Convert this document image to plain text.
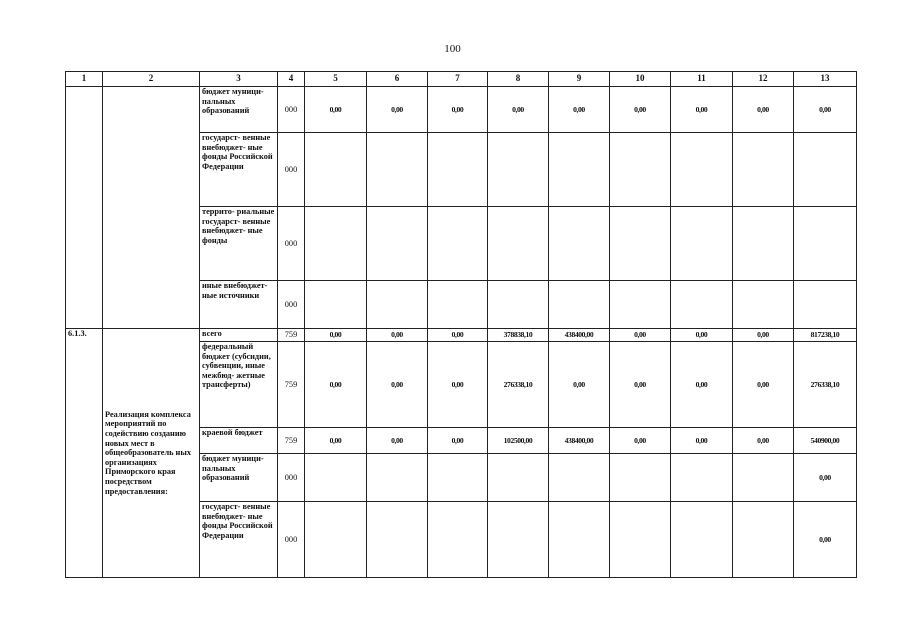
100
1	2	3	4	5	6	7	8	9	10	11	12	13
		бюджет муници- пальных образований	000	0,00	0,00	0,00	0,00	0,00	0,00	0,00	0,00	0,00
		государст- венные внебюджет- ные фонды Российской Федерации	000									
		террито- риальные государст- венные внебюджет- ные фонды	000									
		иные внебюджет- ные источники	000									
6.1.3.	Реализация комплекса мероприятий по содействию созданию новых мест в общеобразователь ных организациях Приморского края посредством предоставления:	всего	759	0,00	0,00	0,00	378838,10	438400,00	0,00	0,00	0,00	817238,10
		федеральный бюджет (субсидии, субвенции, иные межбюд- жетные трансферты)	759	0,00	0,00	0,00	276338,10	0,00	0,00	0,00	0,00	276338,10
		краевой бюджет	759	0,00	0,00	0,00	102500,00	438400,00	0,00	0,00	0,00	540900,00
		бюджет муници- пальных образований	000									0,00
		государст- венные внебюджет- ные фонды Российской Федерации	000									0,00
